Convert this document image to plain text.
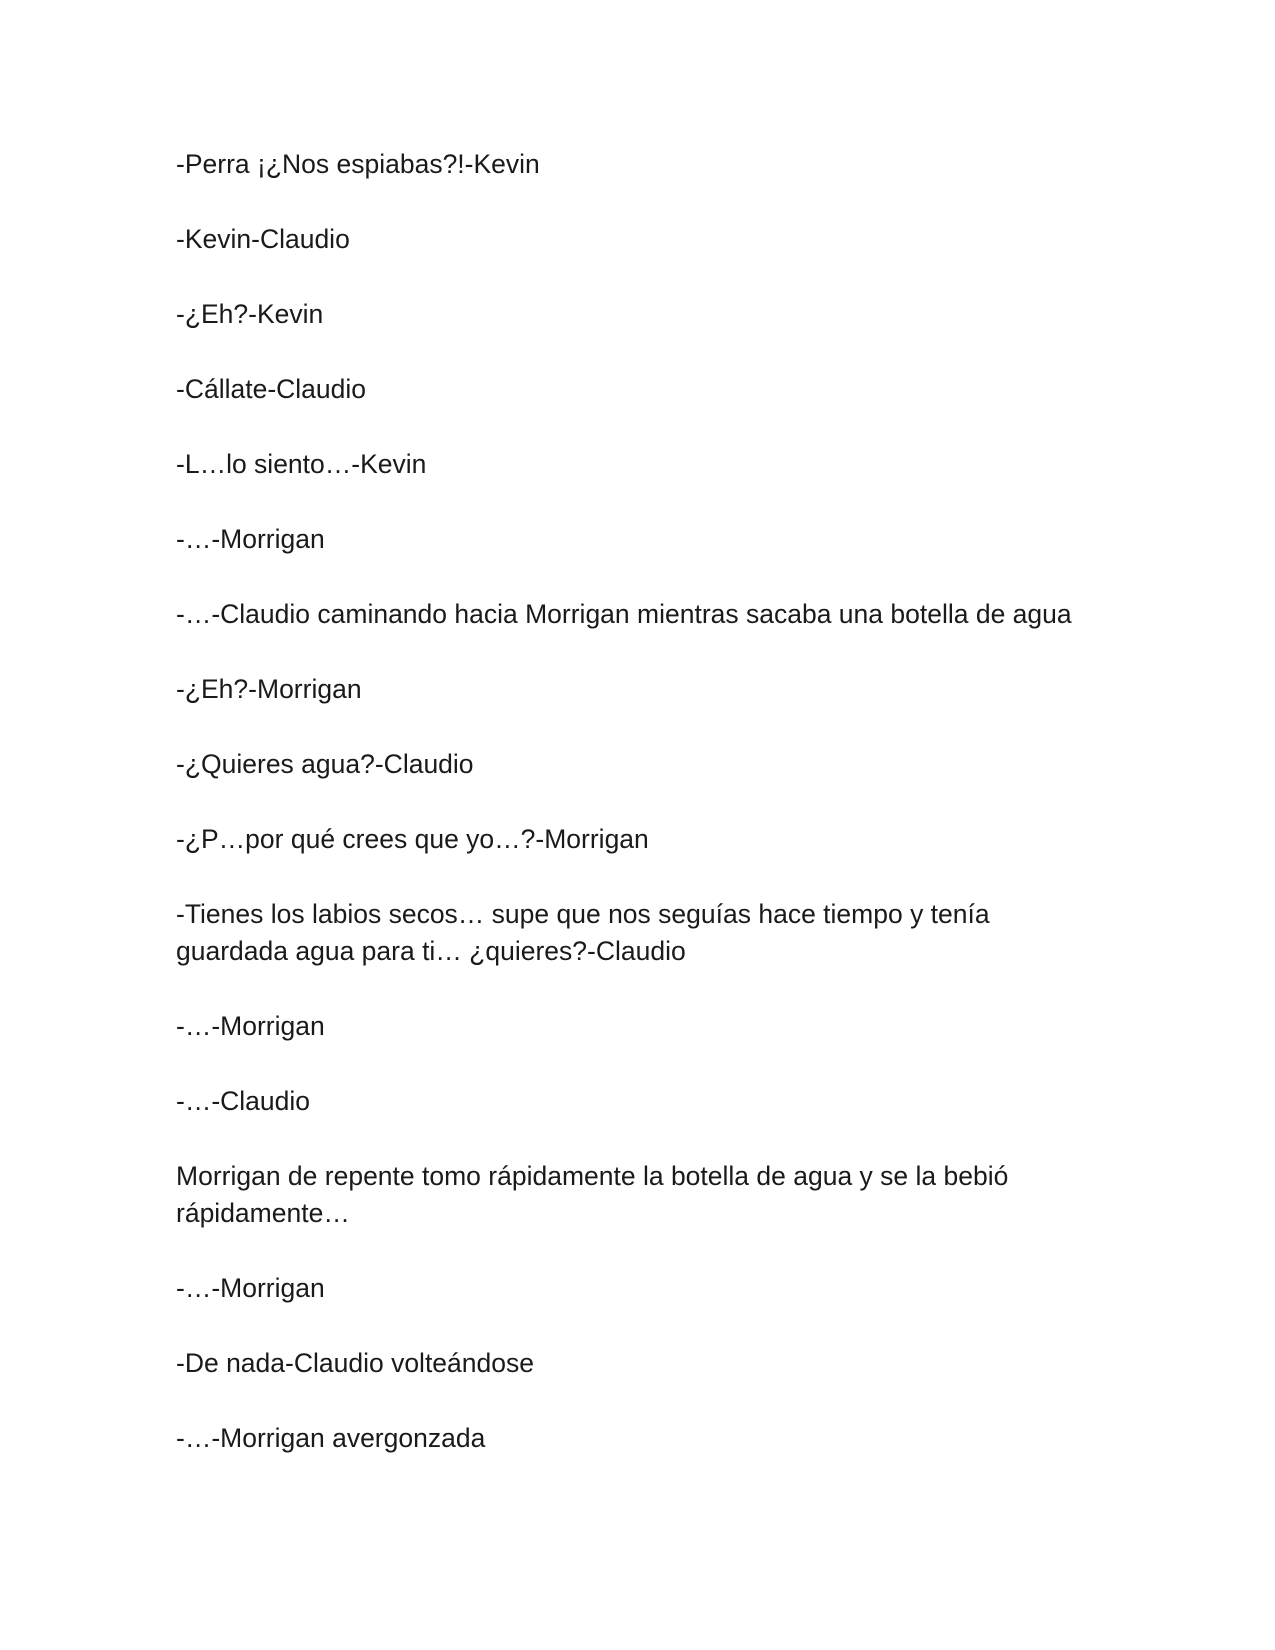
-Perra ¡¿Nos espiabas?!-Kevin

-Kevin-Claudio

-¿Eh?-Kevin

-Cállate-Claudio

-L…lo siento…-Kevin

-…-Morrigan

-…-Claudio caminando hacia Morrigan mientras sacaba una botella de agua

-¿Eh?-Morrigan

-¿Quieres agua?-Claudio

-¿P…por qué crees que yo…?-Morrigan

-Tienes los labios secos… supe que nos seguías hace tiempo y tenía guardada agua para ti… ¿quieres?-Claudio

-…-Morrigan

-…-Claudio

Morrigan de repente tomo rápidamente la botella de agua y se la bebió rápidamente…

-…-Morrigan

-De nada-Claudio volteándose

-…-Morrigan avergonzada
